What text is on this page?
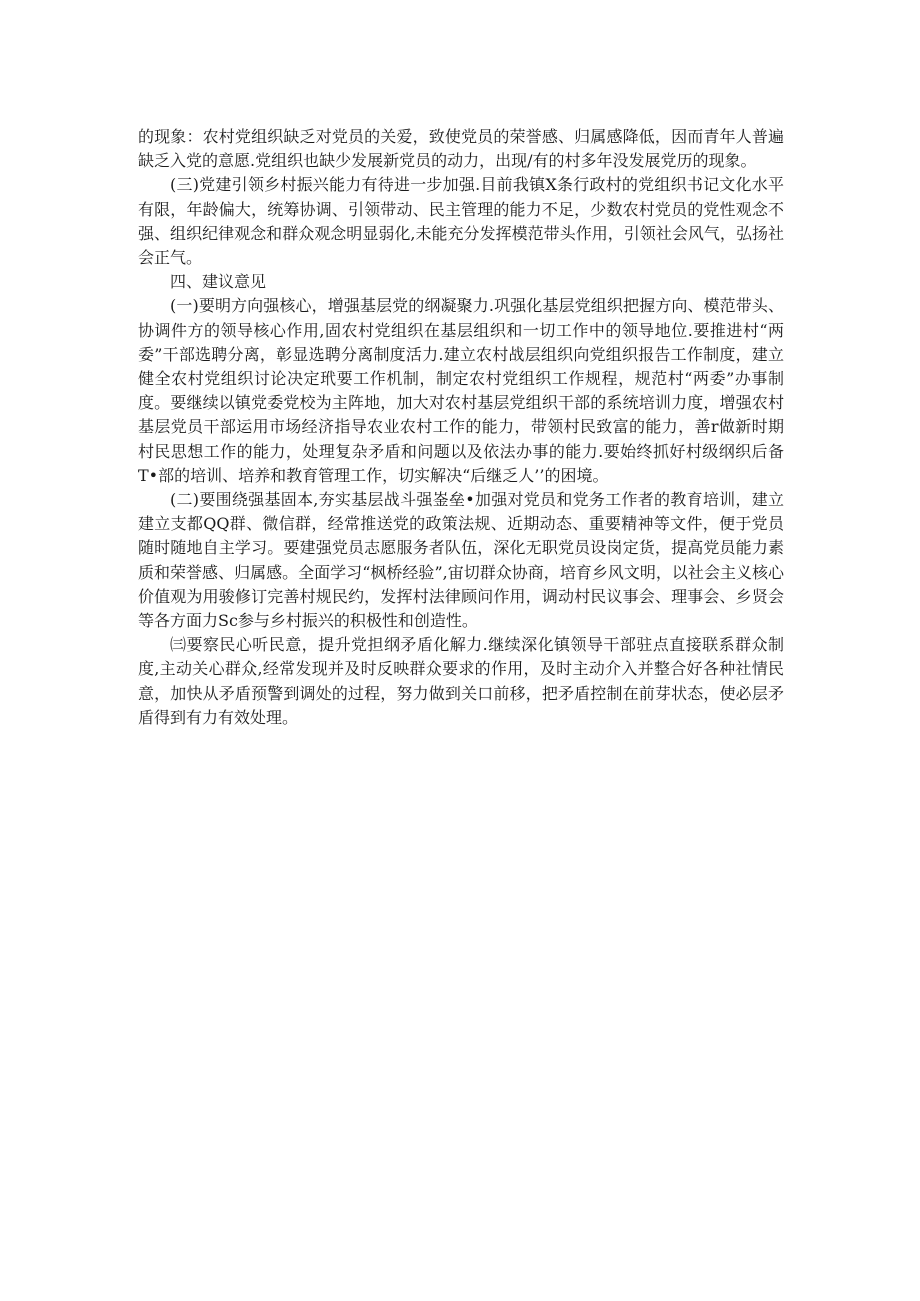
的现象：农村党组织缺乏对党员的关爱，致使党员的荣誉感、归属感降低，因而青年人普遍缺乏入党的意愿.党组织也缺少发展新党员的动力，出现/有的村多年没发展党历的现象。

(三)党建引领乡村振兴能力有待进一步加强.目前我镇X条行政村的党组织书记文化水平有限，年龄偏大，统筹协调、引领带动、民主管理的能力不足，少数农村党员的党性观念不强、组织纪律观念和群众观念明显弱化,未能充分发挥模范带头作用，引领社会风气，弘扬社会正气。

四、建议意见

(一)要明方向强核心，增强基层党的纲凝聚力.巩强化基层党组织把握方向、模范带头、协调件方的领导核心作用,固农村党组织在基层组织和一切工作中的领导地位.要推进村“两委”干部选聘分离，彰显选聘分离制度活力.建立农村战层组织向党组织报告工作制度，建立健全农村党组织讨论决定玳要工作机制，制定农村党组织工作规程，规范村“两委”办事制度。要继续以镇党委党校为主阵地，加大对农村基层党组织干部的系统培训力度，增强农村基层党员干部运用市场经济指导农业农村工作的能力，带领村民致富的能力，善r做新时期村民思想工作的能力，处理复杂矛盾和问题以及依法办事的能力.要始终抓好村级纲织后备T•部的培训、培养和教育管理工作，切实解决“后继乏人’’的困境。

(二)要围绕强基固本,夯实基层战斗强崟垒•加强对党员和党务工作者的教育培训，建立建立支都QQ群、微信群，经常推送党的政策法规、近期动态、重要精神等文件，便于党员随时随地自主学习。要建强党员志愿服务者队伍，深化无职党员设岗定货，提高党员能力素质和荣誉感、归属感。全面学习“枫桥经验”,宙切群众协商，培育乡风文明，以社会主义核心价值观为用骏修订完善村规民约，发挥村法律顾问作用，调动村民议事会、理事会、乡贤会等各方面力Sc参与乡村振兴的积极性和创造性。

㈢要察民心听民意，提升党担纲矛盾化解力.继续深化镇领导干部驻点直接联系群众制度,主动关心群众,经常发现并及时反映群众要求的作用，及时主动介入并整合好各种社情民意，加快从矛盾预警到调处的过程，努力做到关口前移，把矛盾控制在前芽状态，使必层矛盾得到有力有效处理。
